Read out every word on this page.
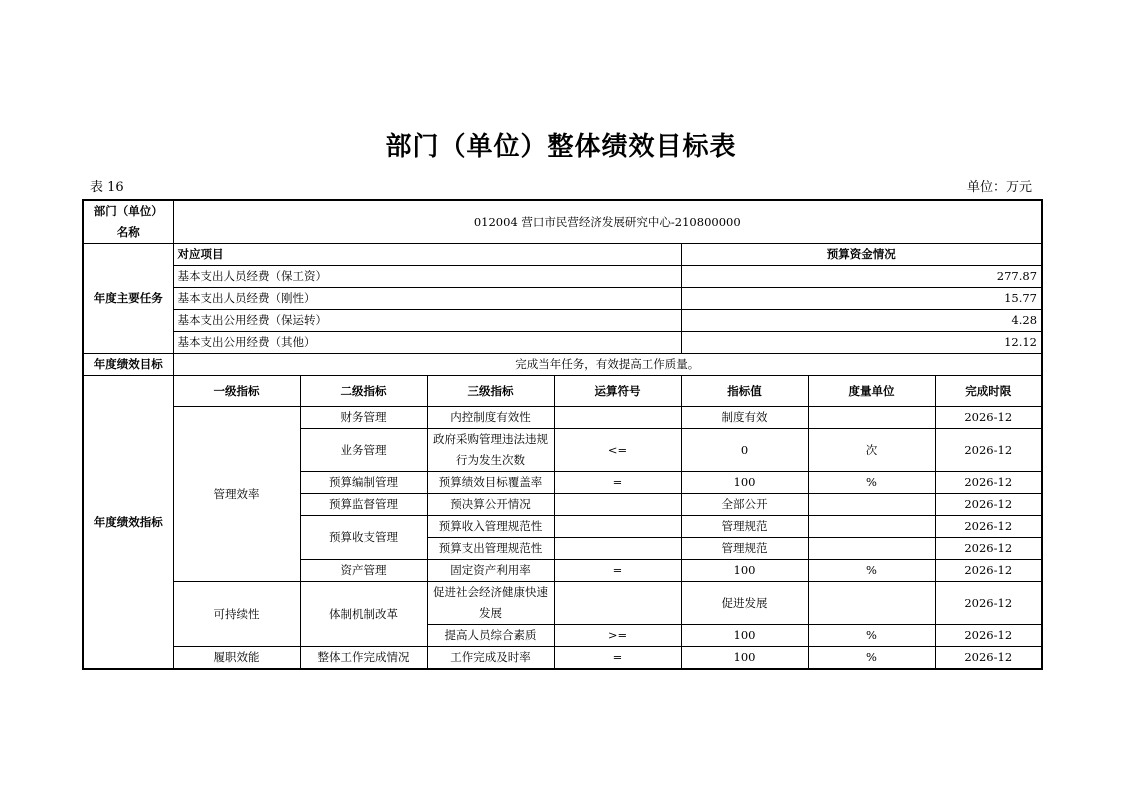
部门（单位）整体绩效目标表
表 16	单位：万元
部门（单位）
名称	012004 营口市民营经济发展研究中心-210800000						
年度主要任务	对应项目				预算资金情况		
	基本支出人员经费（保工资）				277.87		
	基本支出人员经费（刚性）				15.77		
	基本支出公用经费（保运转）				4.28		
	基本支出公用经费（其他）				12.12		
年度绩效目标	完成当年任务，有效提高工作质量。						
年度绩效指标	一级指标	二级指标	三级指标	运算符号	指标值	度量单位	完成时限
	管理效率	财务管理	内控制度有效性		制度有效		2026-12
		业务管理	政府采购管理违法违规行为发生次数	<=	0	次	2026-12
		预算编制管理	预算绩效目标覆盖率	=	100	%	2026-12
		预算监督管理	预决算公开情况		全部公开		2026-12
		预算收支管理	预算收入管理规范性		管理规范		2026-12
			预算支出管理规范性		管理规范		2026-12
		资产管理	固定资产利用率	=	100	%	2026-12
	可持续性	体制机制改革	促进社会经济健康快速发展		促进发展		2026-12
			提高人员综合素质	>=	100	%	2026-12
	履职效能	整体工作完成情况	工作完成及时率	=	100	%	2026-12
